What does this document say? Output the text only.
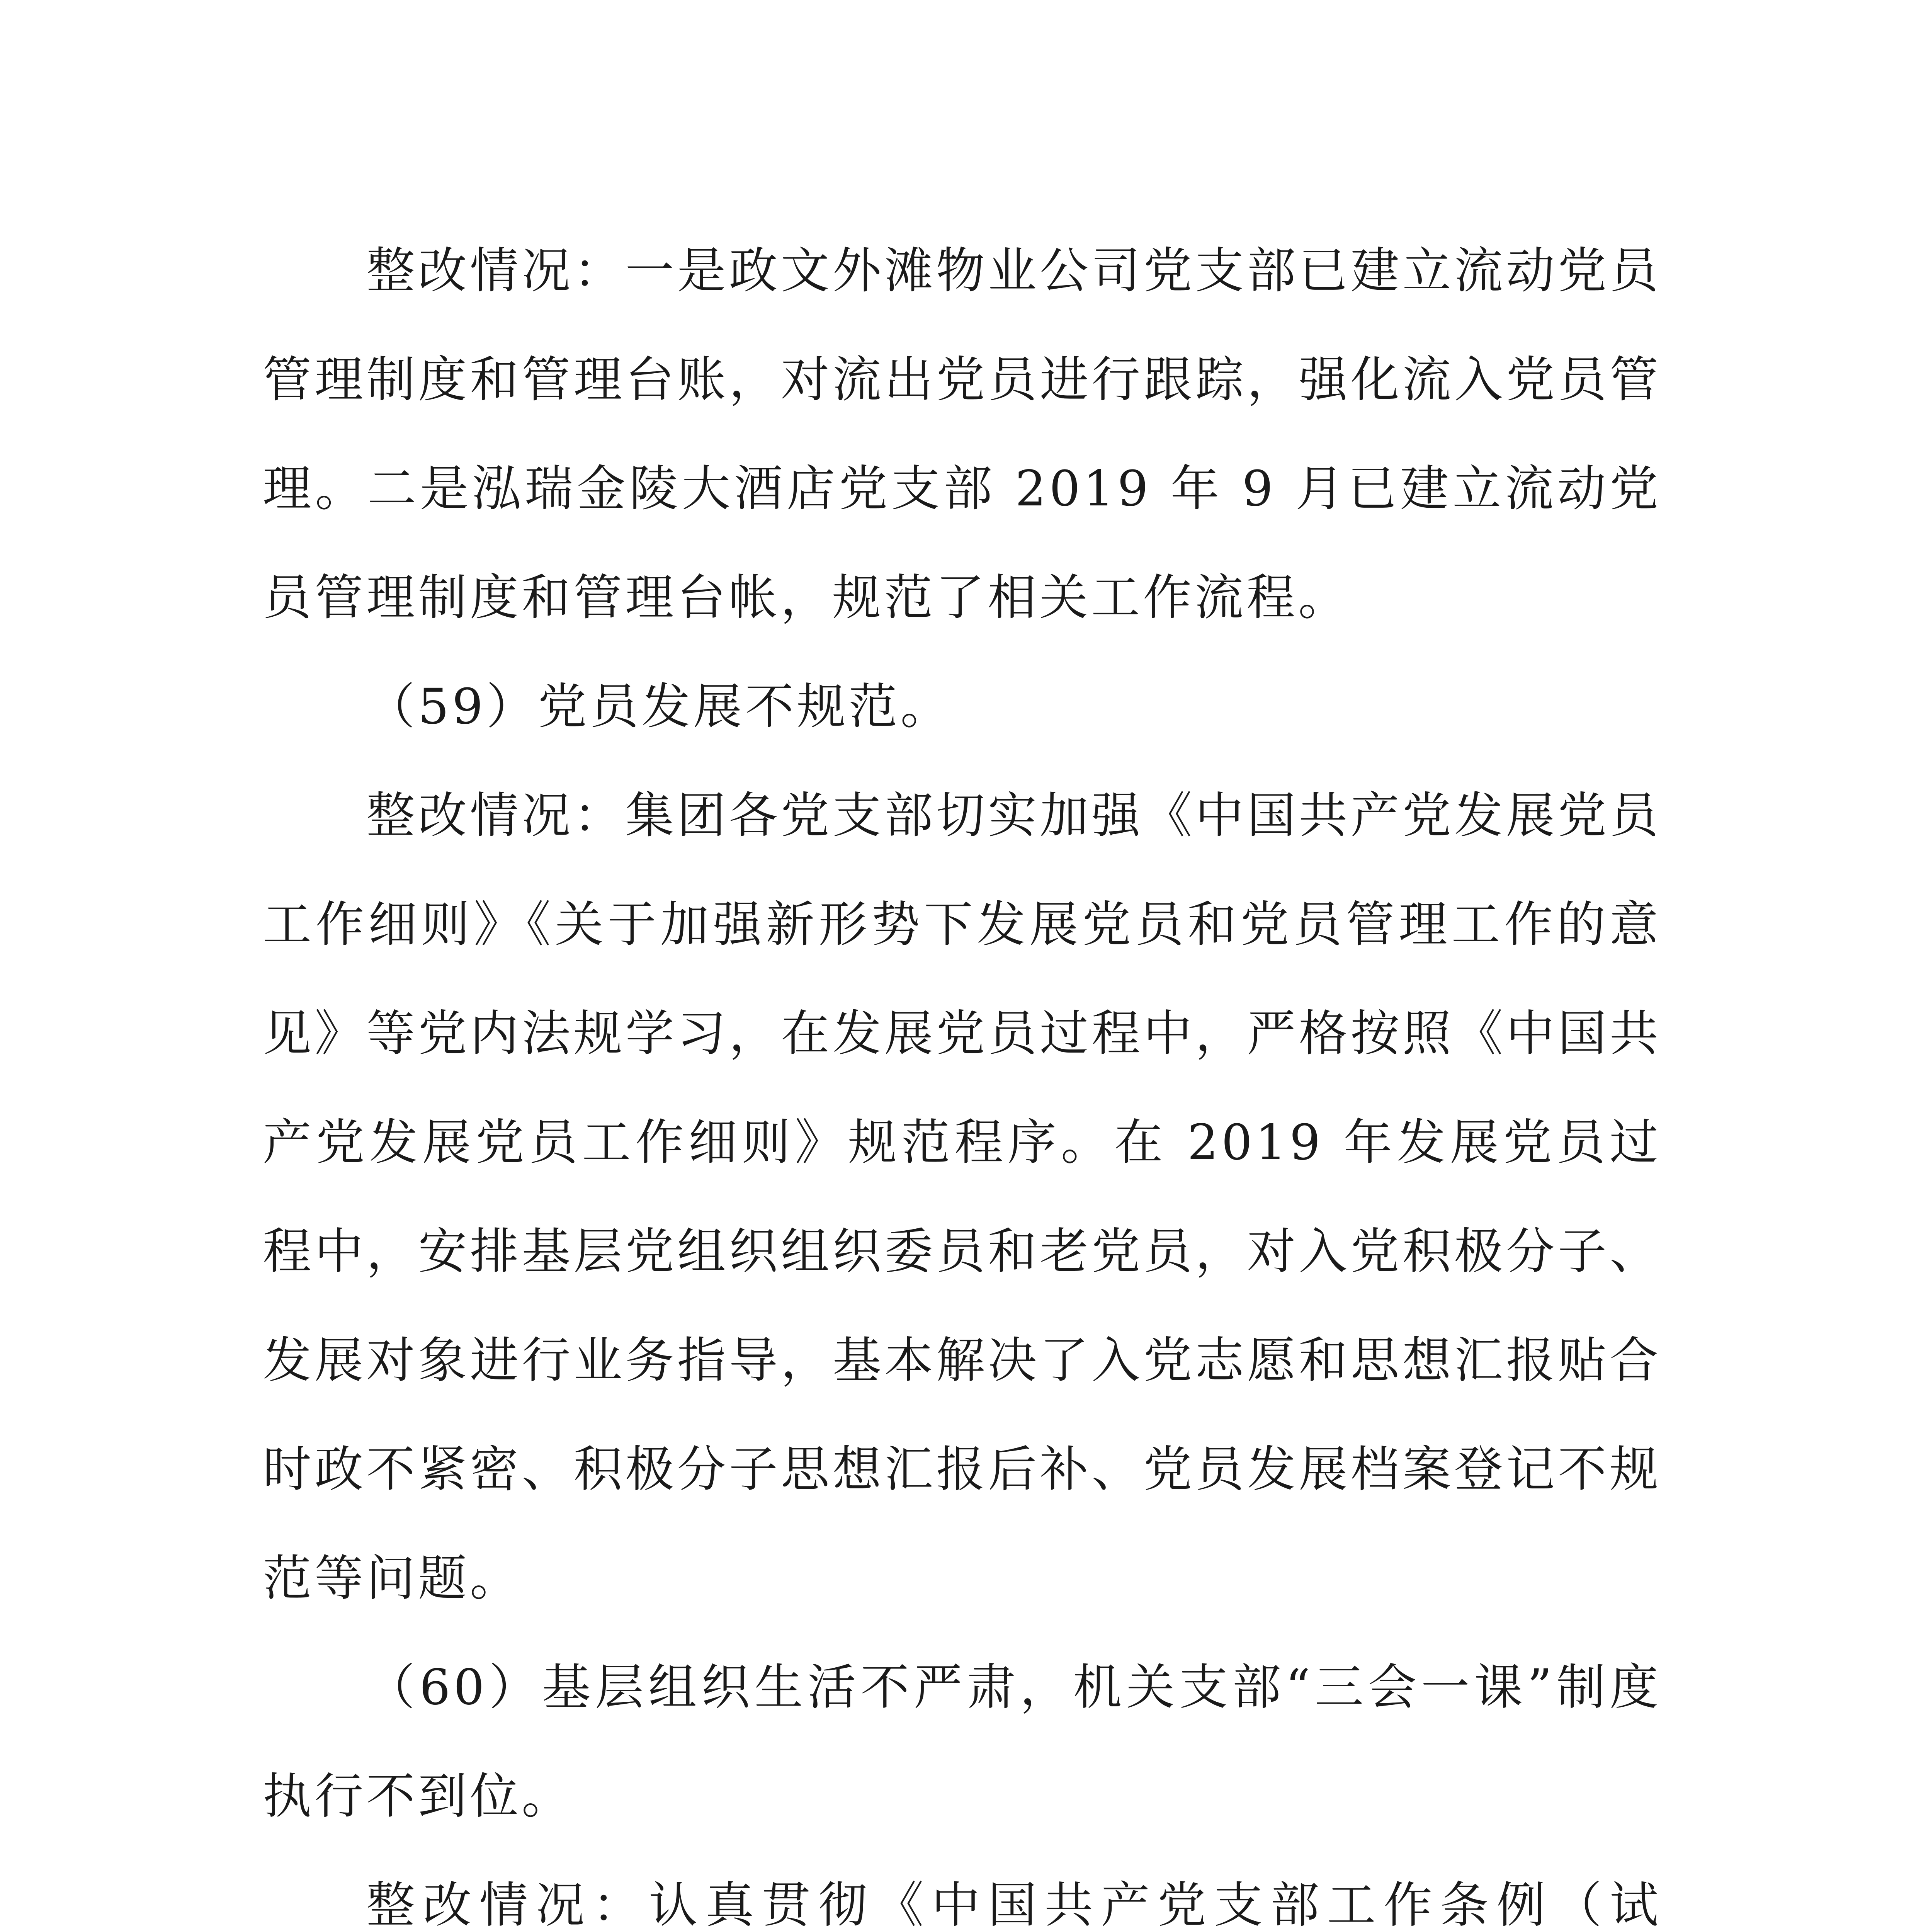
整改情况：一是政文外滩物业公司党支部已建立流动党员管理制度和管理台账，对流出党员进行跟踪，强化流入党员管理。二是泓瑞金陵大酒店党支部 2019 年 9 月已建立流动党员管理制度和管理台帐，规范了相关工作流程。

（59）党员发展不规范。

整改情况：集团各党支部切实加强《中国共产党发展党员工作细则》《关于加强新形势下发展党员和党员管理工作的意见》等党内法规学习，在发展党员过程中，严格按照《中国共产党发展党员工作细则》规范程序。在 2019 年发展党员过程中，安排基层党组织组织委员和老党员，对入党积极分子、发展对象进行业务指导，基本解决了入党志愿和思想汇报贴合时政不紧密、积极分子思想汇报后补、党员发展档案登记不规范等问题。

（60）基层组织生活不严肃，机关支部“三会一课”制度执行不到位。

整改情况：认真贯彻《中国共产党支部工作条例（试
